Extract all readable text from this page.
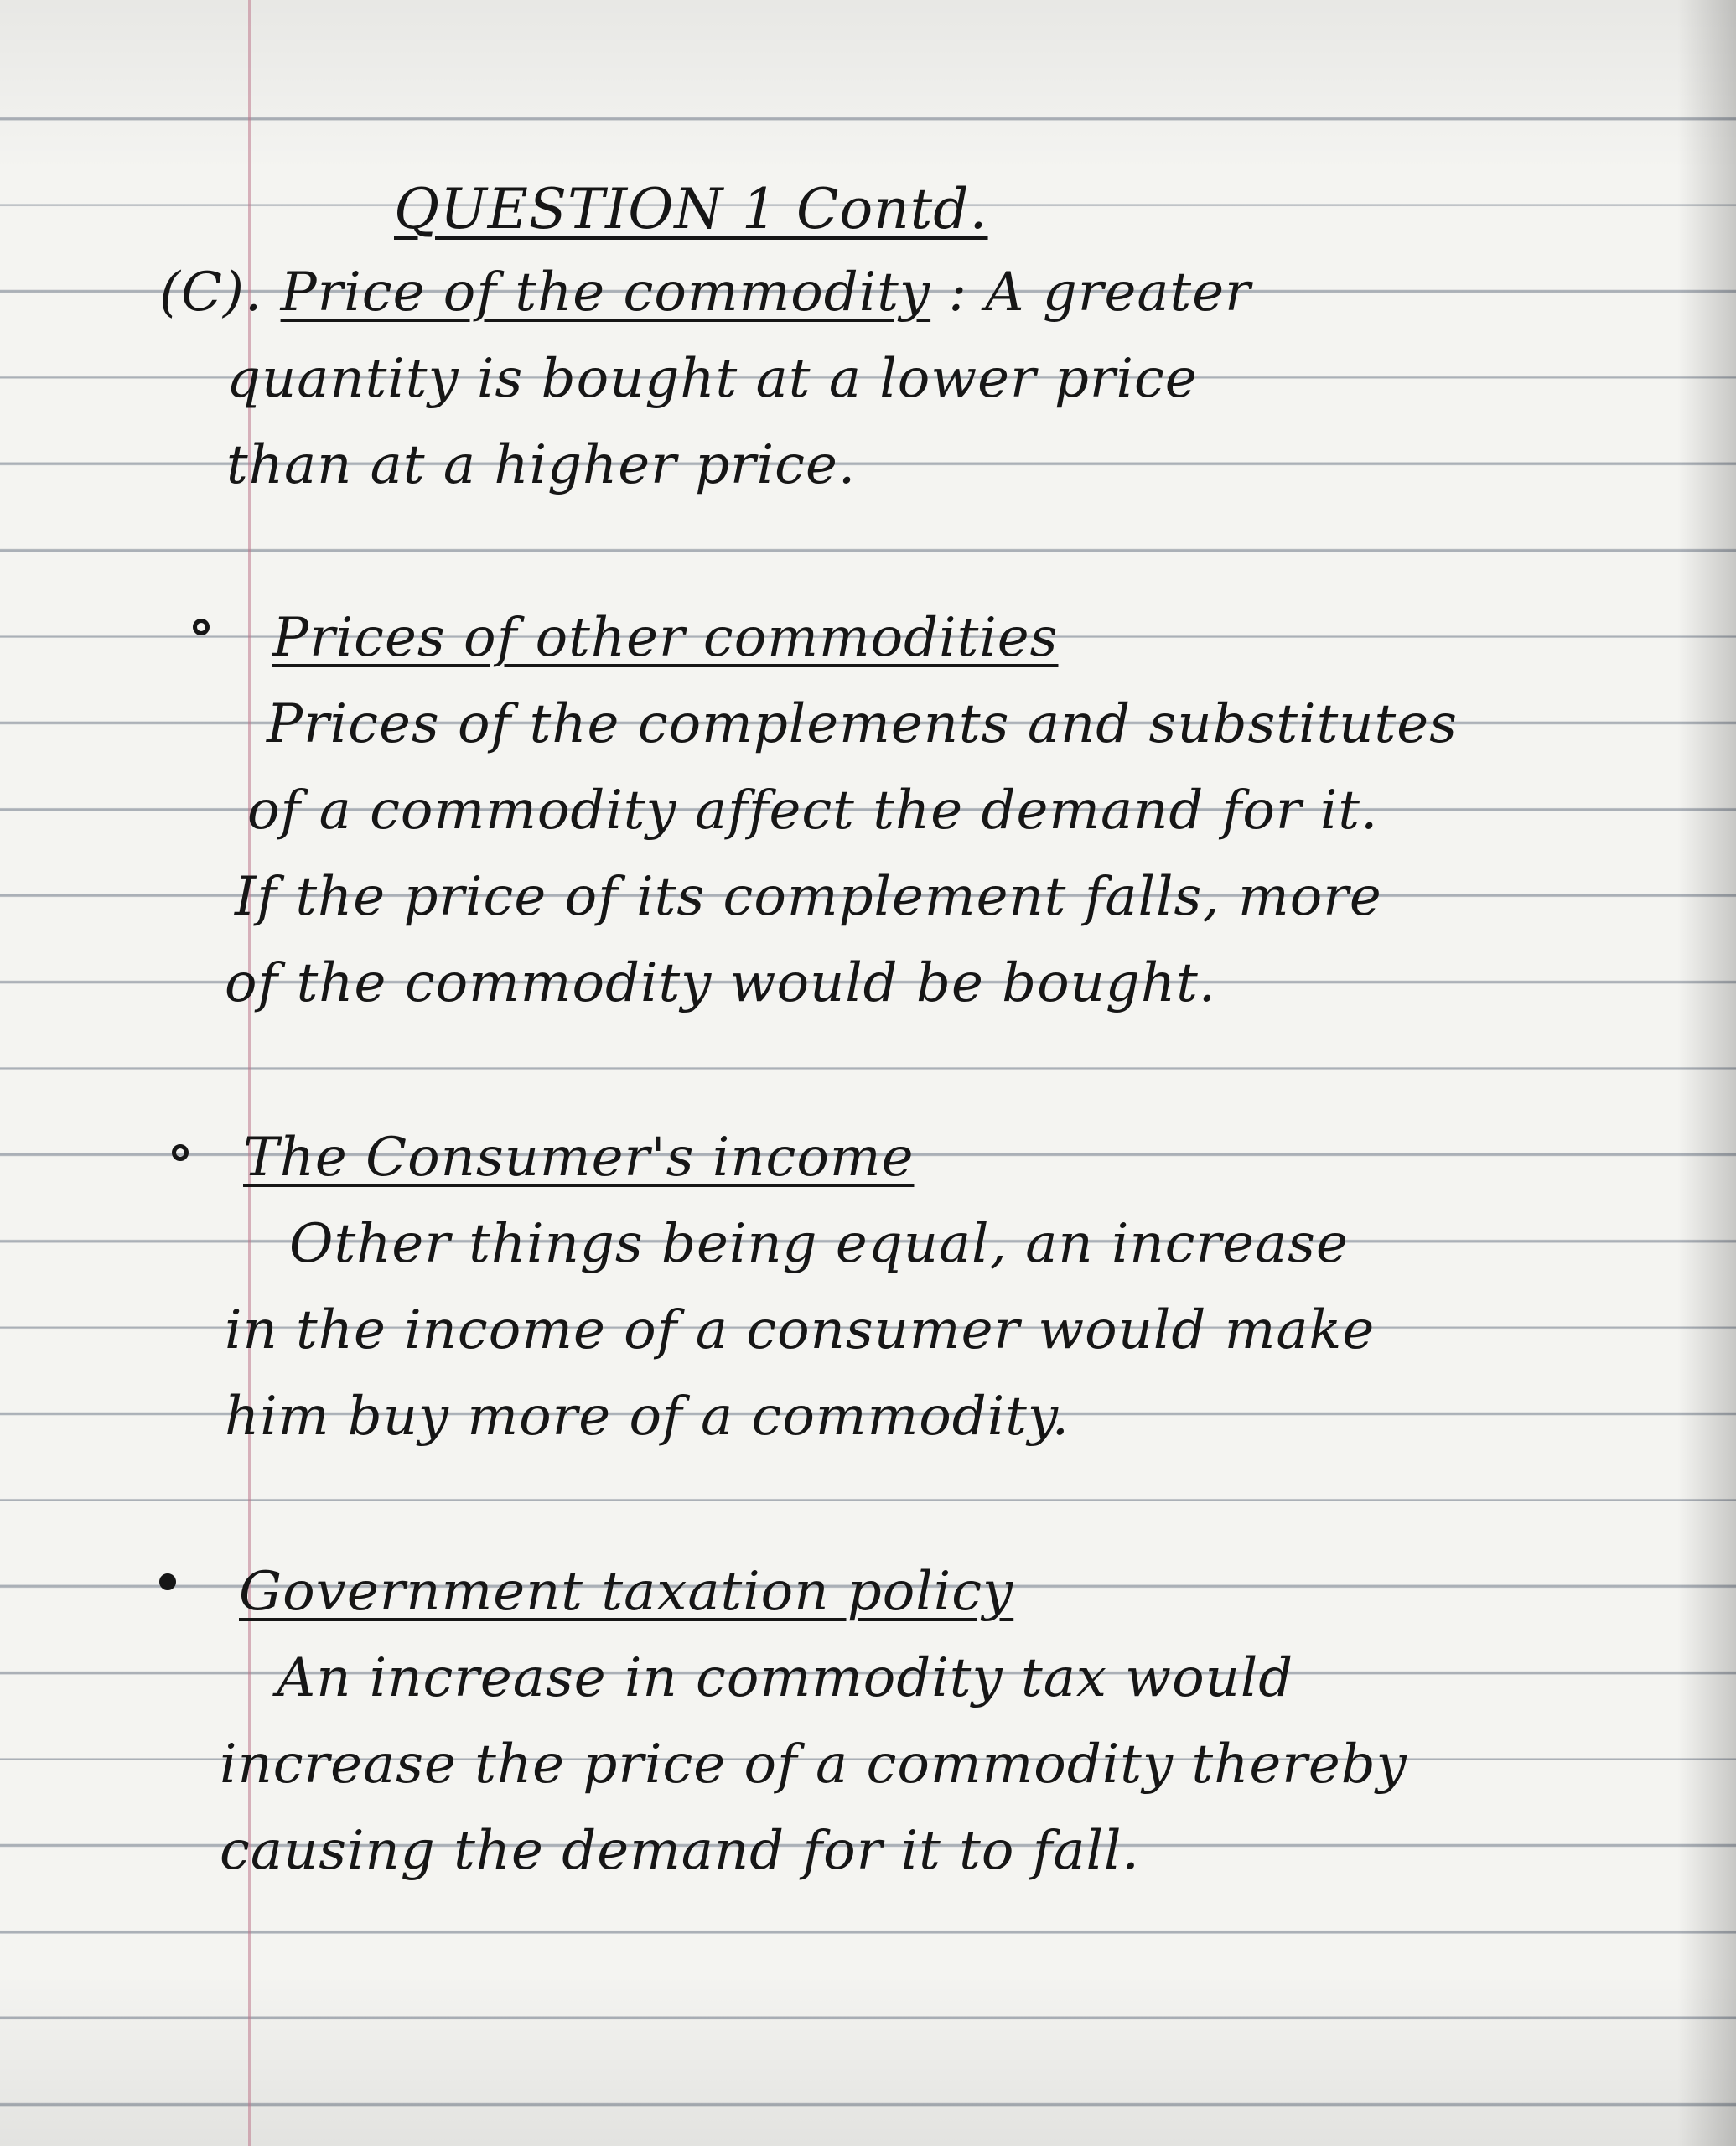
QUESTION 1 Contd.
(C). Price of the commodity : A greater
quantity is bought at a lower price
than at a higher price.
Prices of other commodities
Prices of the complements and substitutes
of a commodity affect the demand for it.
If the price of its complement falls, more
of the commodity would be bought.
The Consumer's income
Other things being equal, an increase
in the income of a consumer would make
him buy more of a commodity.
Government taxation policy
An increase in commodity tax would
increase the price of a commodity thereby
causing the demand for it to fall.
